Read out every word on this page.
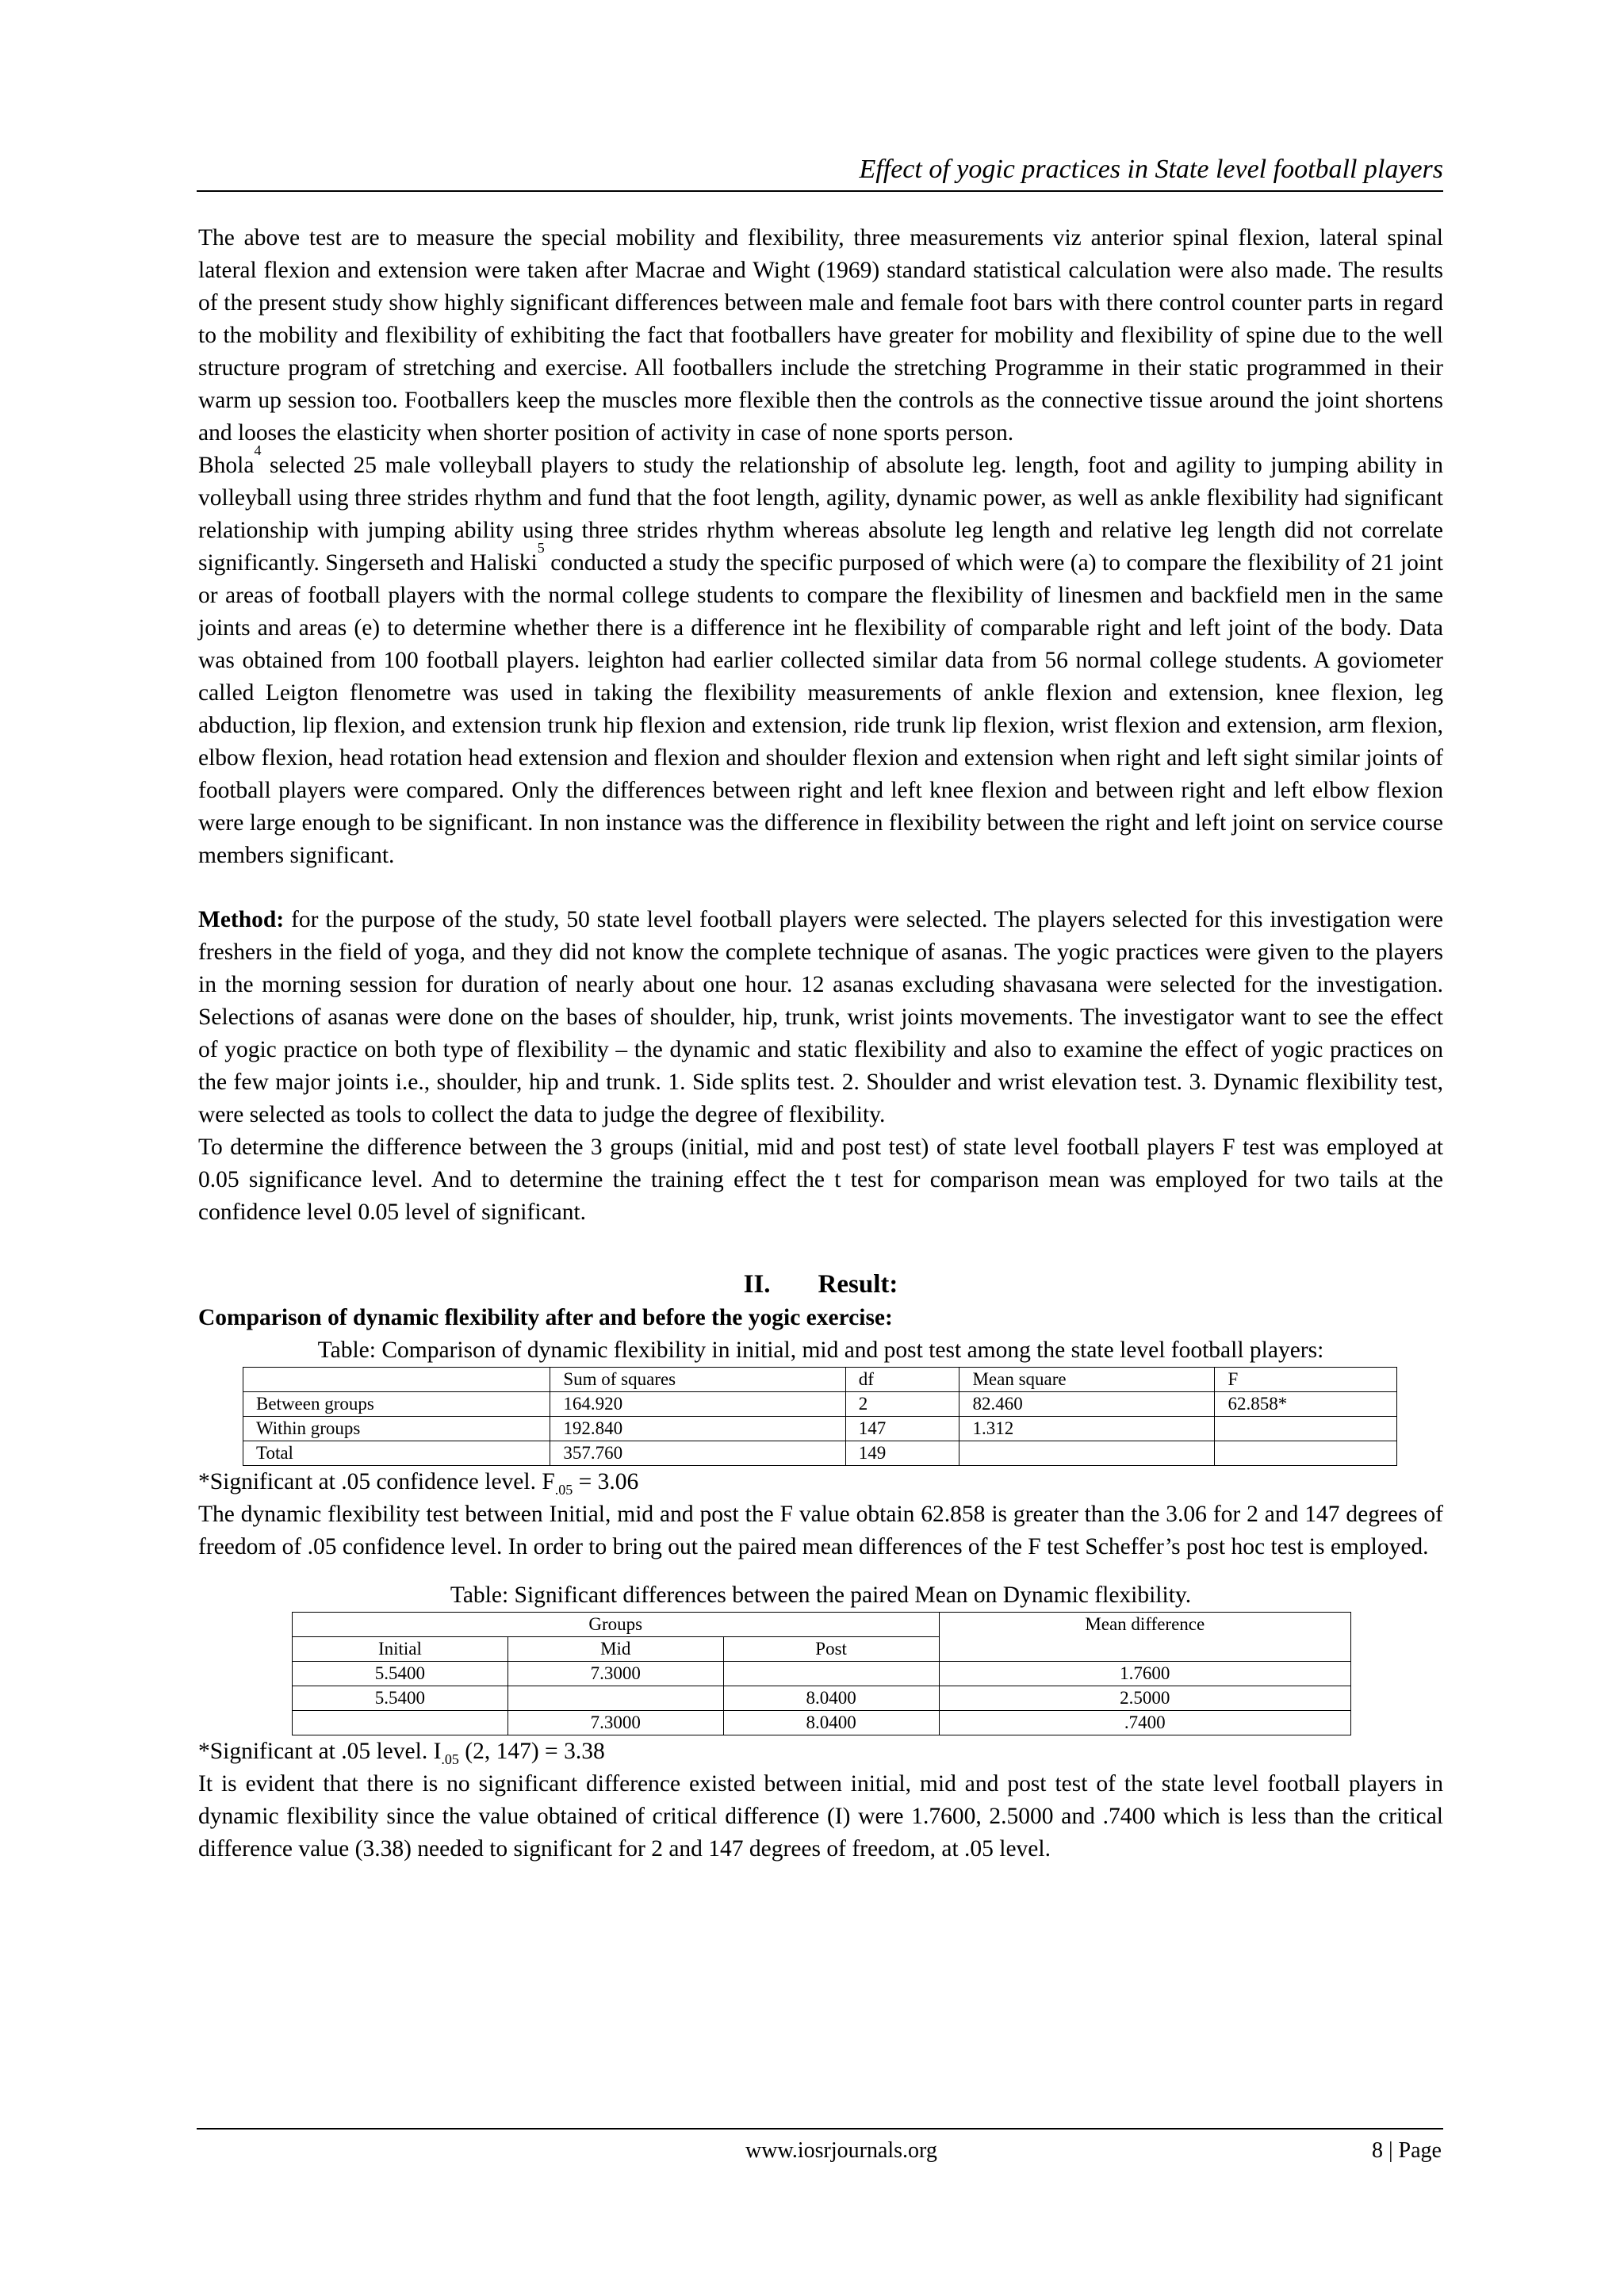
Effect of yogic practices in State level football players

The above test are to measure the special mobility and flexibility, three measurements viz anterior spinal flexion, lateral spinal lateral flexion and extension were taken after Macrae and Wight (1969) standard statistical calculation were also made. The results of the present study show highly significant differences between male and female foot bars with there control counter parts in regard to the mobility and flexibility of exhibiting the fact that footballers have greater for mobility and flexibility of spine due to the well structure program of stretching and exercise. All footballers include the stretching Programme in their static programmed in their warm up session too. Footballers keep the muscles more flexible then the controls as the connective tissue around the joint shortens and looses the elasticity when shorter position of activity in case of none sports person.

Bhola$^4$ selected 25 male volleyball players to study the relationship of absolute leg. length, foot and agility to jumping ability in volleyball using three strides rhythm and fund that the foot length, agility, dynamic power, as well as ankle flexibility had significant relationship with jumping ability using three strides rhythm whereas absolute leg length and relative leg length did not correlate significantly. Singerseth and Haliski$^5$ conducted a study the specific purposed of which were (a) to compare the flexibility of 21 joint or areas of football players with the normal college students to compare the flexibility of linesmen and backfield men in the same joints and areas (e) to determine whether there is a difference int he flexibility of comparable right and left joint of the body. Data was obtained from 100 football players. leighton had earlier collected similar data from 56 normal college students. A goviometer called Leigton flenometre was used in taking the flexibility measurements of ankle flexion and extension, knee flexion, leg abduction, lip flexion, and extension trunk hip flexion and extension, ride trunk lip flexion, wrist flexion and extension, arm flexion, elbow flexion, head rotation head extension and flexion and shoulder flexion and extension when right and left sight similar joints of football players were compared. Only the differences between right and left knee flexion and between right and left elbow flexion were large enough to be significant. In non instance was the difference in flexibility between the right and left joint on service course members significant.

Method: for the purpose of the study, 50 state level football players were selected. The players selected for this investigation were freshers in the field of yoga, and they did not know the complete technique of asanas. The yogic practices were given to the players in the morning session for duration of nearly about one hour. 12 asanas excluding shavasana were selected for the investigation. Selections of asanas were done on the bases of shoulder, hip, trunk, wrist joints movements. The investigator want to see the effect of yogic practice on both type of flexibility – the dynamic and static flexibility and also to examine the effect of yogic practices on the few major joints i.e., shoulder, hip and trunk. 1. Side splits test. 2. Shoulder and wrist elevation test. 3. Dynamic flexibility test, were selected as tools to collect the data to judge the degree of flexibility.

To determine the difference between the 3 groups (initial, mid and post test) of state level football players F test was employed at 0.05 significance level. And to determine the training effect the t test for comparison mean was employed for two tails at the confidence level 0.05 level of significant.

II. Result:

Comparison of dynamic flexibility after and before the yogic exercise:

Table: Comparison of dynamic flexibility in initial, mid and post test among the state level football players:

	Sum of squares	df	Mean square	F
Between groups	164.920	2	82.460	62.858*
Within groups	192.840	147	1.312	
Total	357.760	149		

*Significant at .05 confidence level. $F_{.05} = 3.06$

The dynamic flexibility test between Initial, mid and post the F value obtain 62.858 is greater than the 3.06 for 2 and 147 degrees of freedom of .05 confidence level. In order to bring out the paired mean differences of the F test Scheffer’s post hoc test is employed.

Table: Significant differences between the paired Mean on Dynamic flexibility.

Groups			Mean difference
Initial	Mid	Post	
5.5400	7.3000		1.7600
5.5400		8.0400	2.5000
	7.3000	8.0400	.7400

*Significant at .05 level. $I_{.05}$ (2, 147) = 3.38

It is evident that there is no significant difference existed between initial, mid and post test of the state level football players in dynamic flexibility since the value obtained of critical difference (I) were 1.7600, 2.5000 and .7400 which is less than the critical difference value (3.38) needed to significant for 2 and 147 degrees of freedom, at .05 level.

www.iosrjournals.org	8 | Page
